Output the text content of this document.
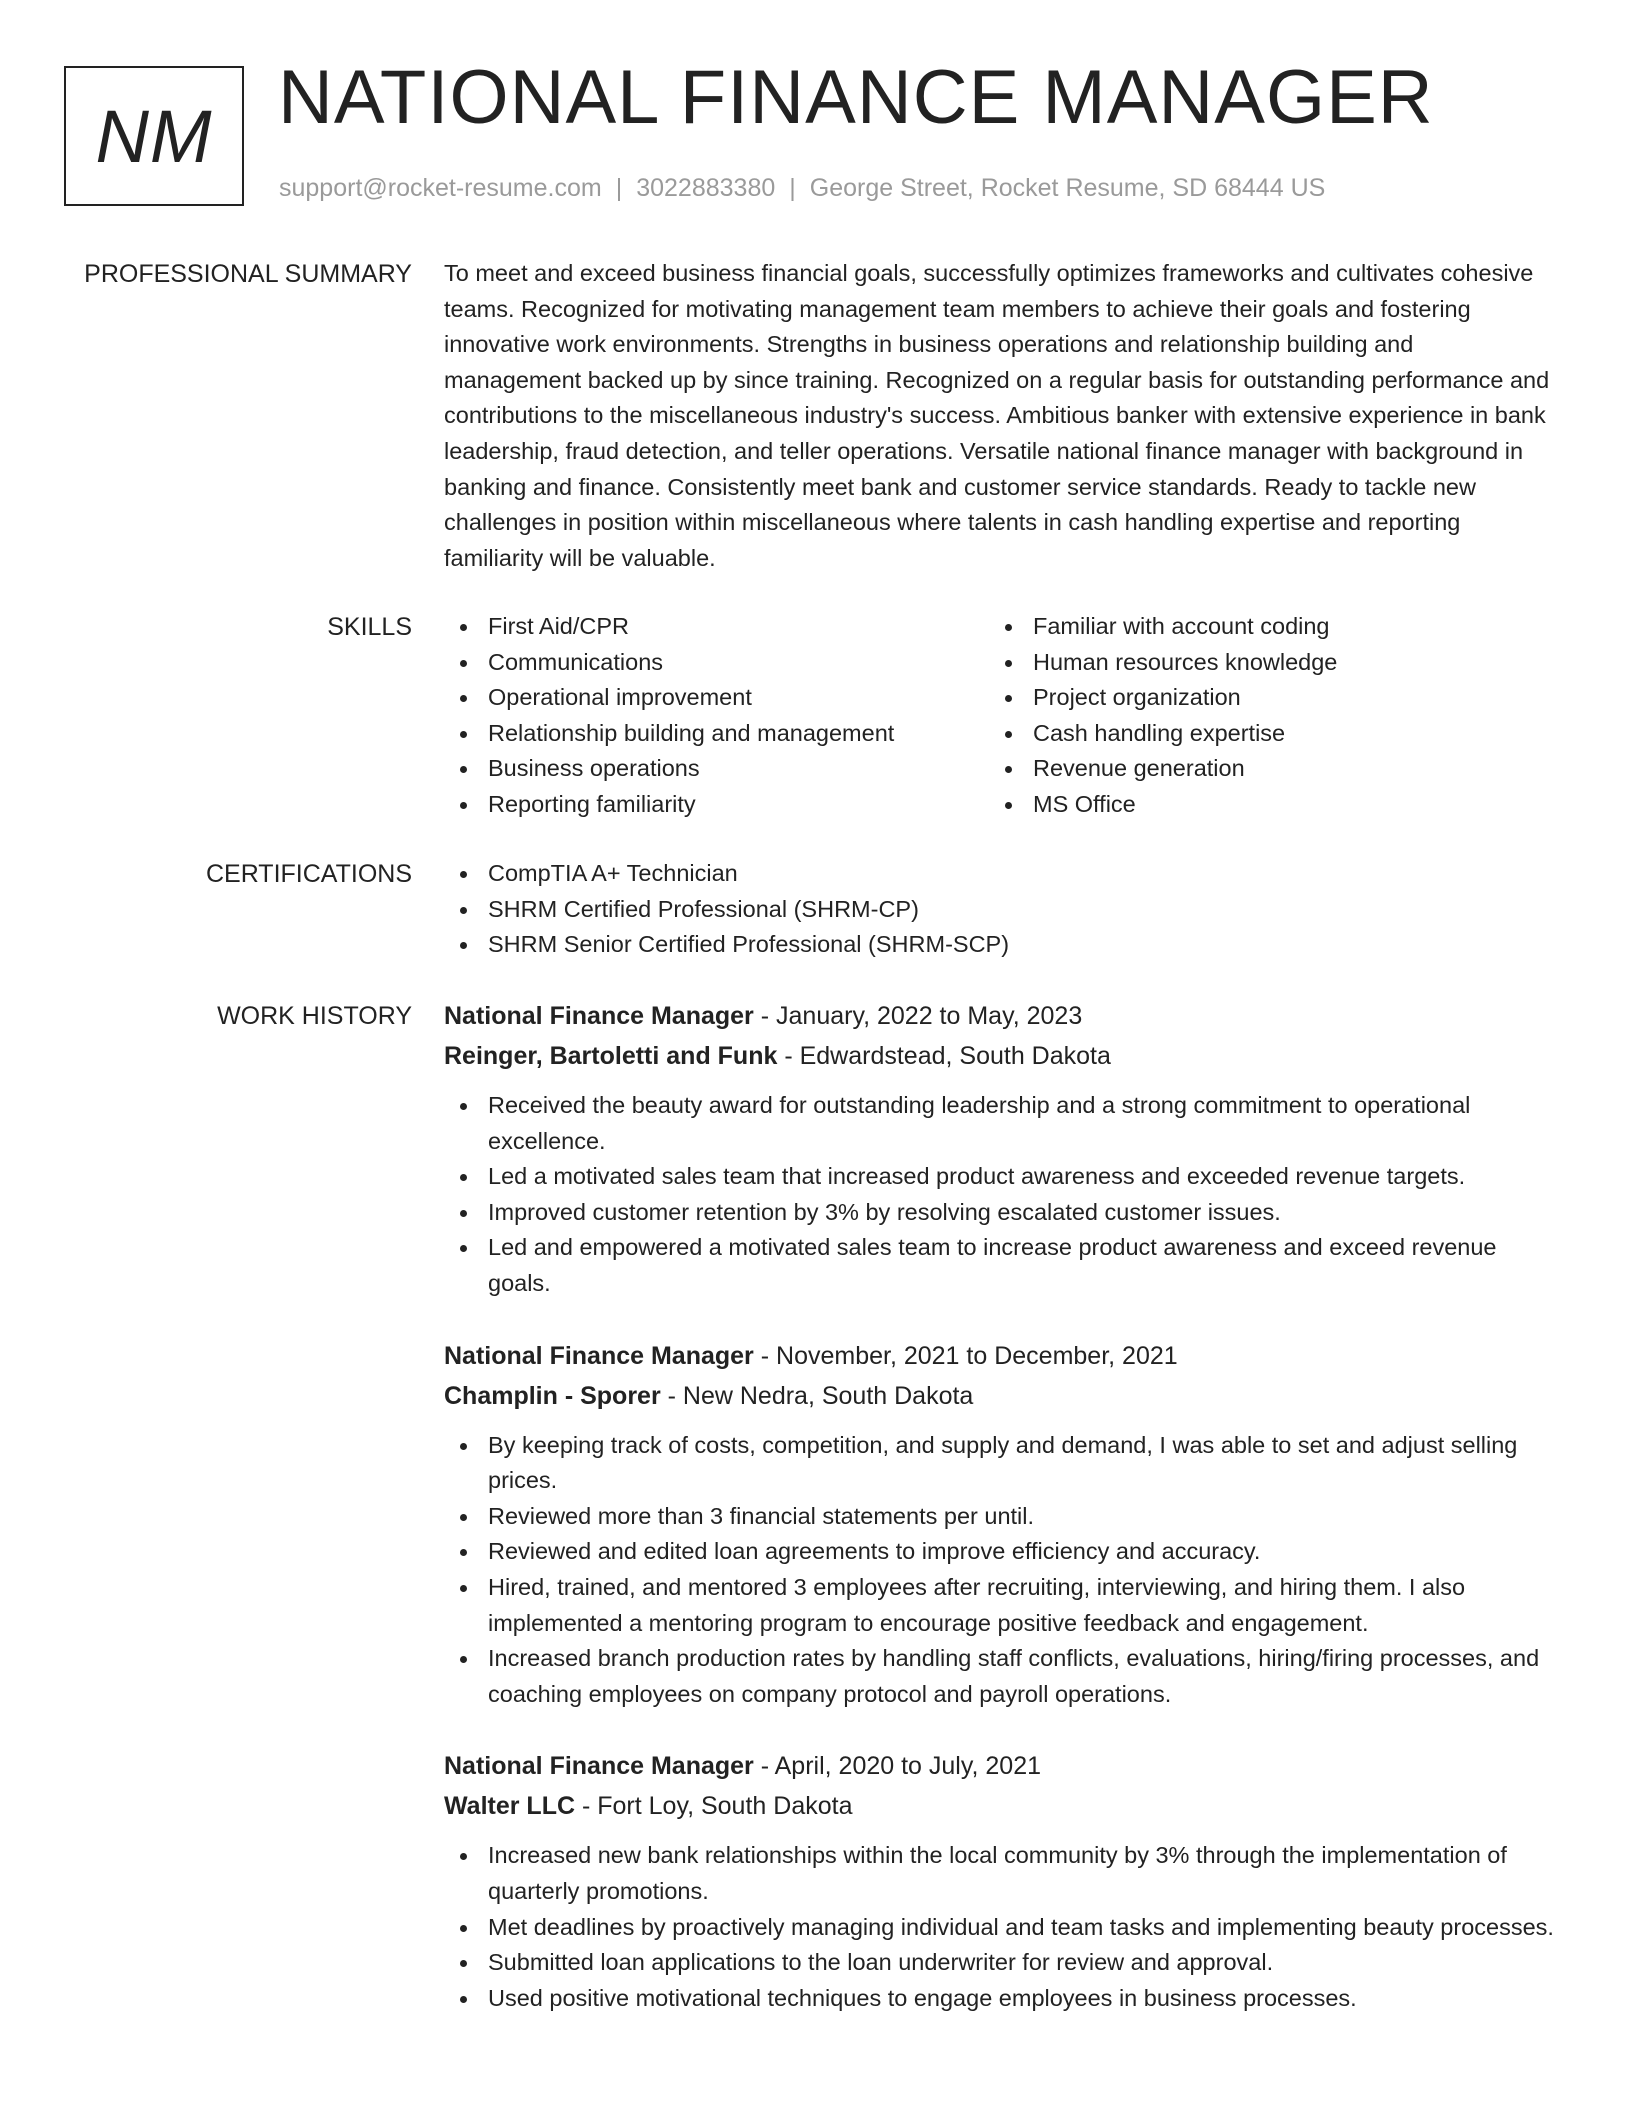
NM NATIONAL FINANCE MANAGER
support@rocket-resume.com | 3022883380 | George Street, Rocket Resume, SD 68444 US
PROFESSIONAL SUMMARY To meet and exceed business financial goals, successfully optimizes frameworks and cultivates cohesive teams. Recognized for motivating management team members to achieve their goals and fostering innovative work environments. Strengths in business operations and relationship building and management backed up by since training. Recognized on a regular basis for outstanding performance and contributions to the miscellaneous industry's success. Ambitious banker with extensive experience in bank leadership, fraud detection, and teller operations. Versatile national finance manager with background in banking and finance. Consistently meet bank and customer service standards. Ready to tackle new challenges in position within miscellaneous where talents in cash handling expertise and reporting familiarity will be valuable.

SKILLS	First Aid/CPR
Communications
Operational improvement
Relationship building and management
Business operations
Reporting familiarity
Familiar with account coding
Human resources knowledge
Project organization
Cash handling expertise
Revenue generation
MS Office
CERTIFICATIONS	CompTIA A+ Technician
SHRM Certified Professional (SHRM-CP)
SHRM Senior Certified Professional (SHRM-SCP)
WORK HISTORY National Finance Manager - January, 2022 to May, 2023
Reinger, Bartoletti and Funk - Edwardstead, South Dakota
Received the beauty award for outstanding leadership and a strong commitment to operational excellence.
Led a motivated sales team that increased product awareness and exceeded revenue targets.
Improved customer retention by 3% by resolving escalated customer issues.
Led and empowered a motivated sales team to increase product awareness and exceed revenue goals.
National Finance Manager - November, 2021 to December, 2021
Champlin - Sporer - New Nedra, South Dakota
By keeping track of costs, competition, and supply and demand, I was able to set and adjust selling prices.
Reviewed more than 3 financial statements per until.
Reviewed and edited loan agreements to improve efficiency and accuracy.
Hired, trained, and mentored 3 employees after recruiting, interviewing, and hiring them. I also implemented a mentoring program to encourage positive feedback and engagement.
Increased branch production rates by handling staff conflicts, evaluations, hiring/firing processes, and coaching employees on company protocol and payroll operations.
National Finance Manager - April, 2020 to July, 2021
Walter LLC - Fort Loy, South Dakota
Increased new bank relationships within the local community by 3% through the implementation of quarterly promotions.
Met deadlines by proactively managing individual and team tasks and implementing beauty processes.
Submitted loan applications to the loan underwriter for review and approval.
Used positive motivational techniques to engage employees in business processes.
